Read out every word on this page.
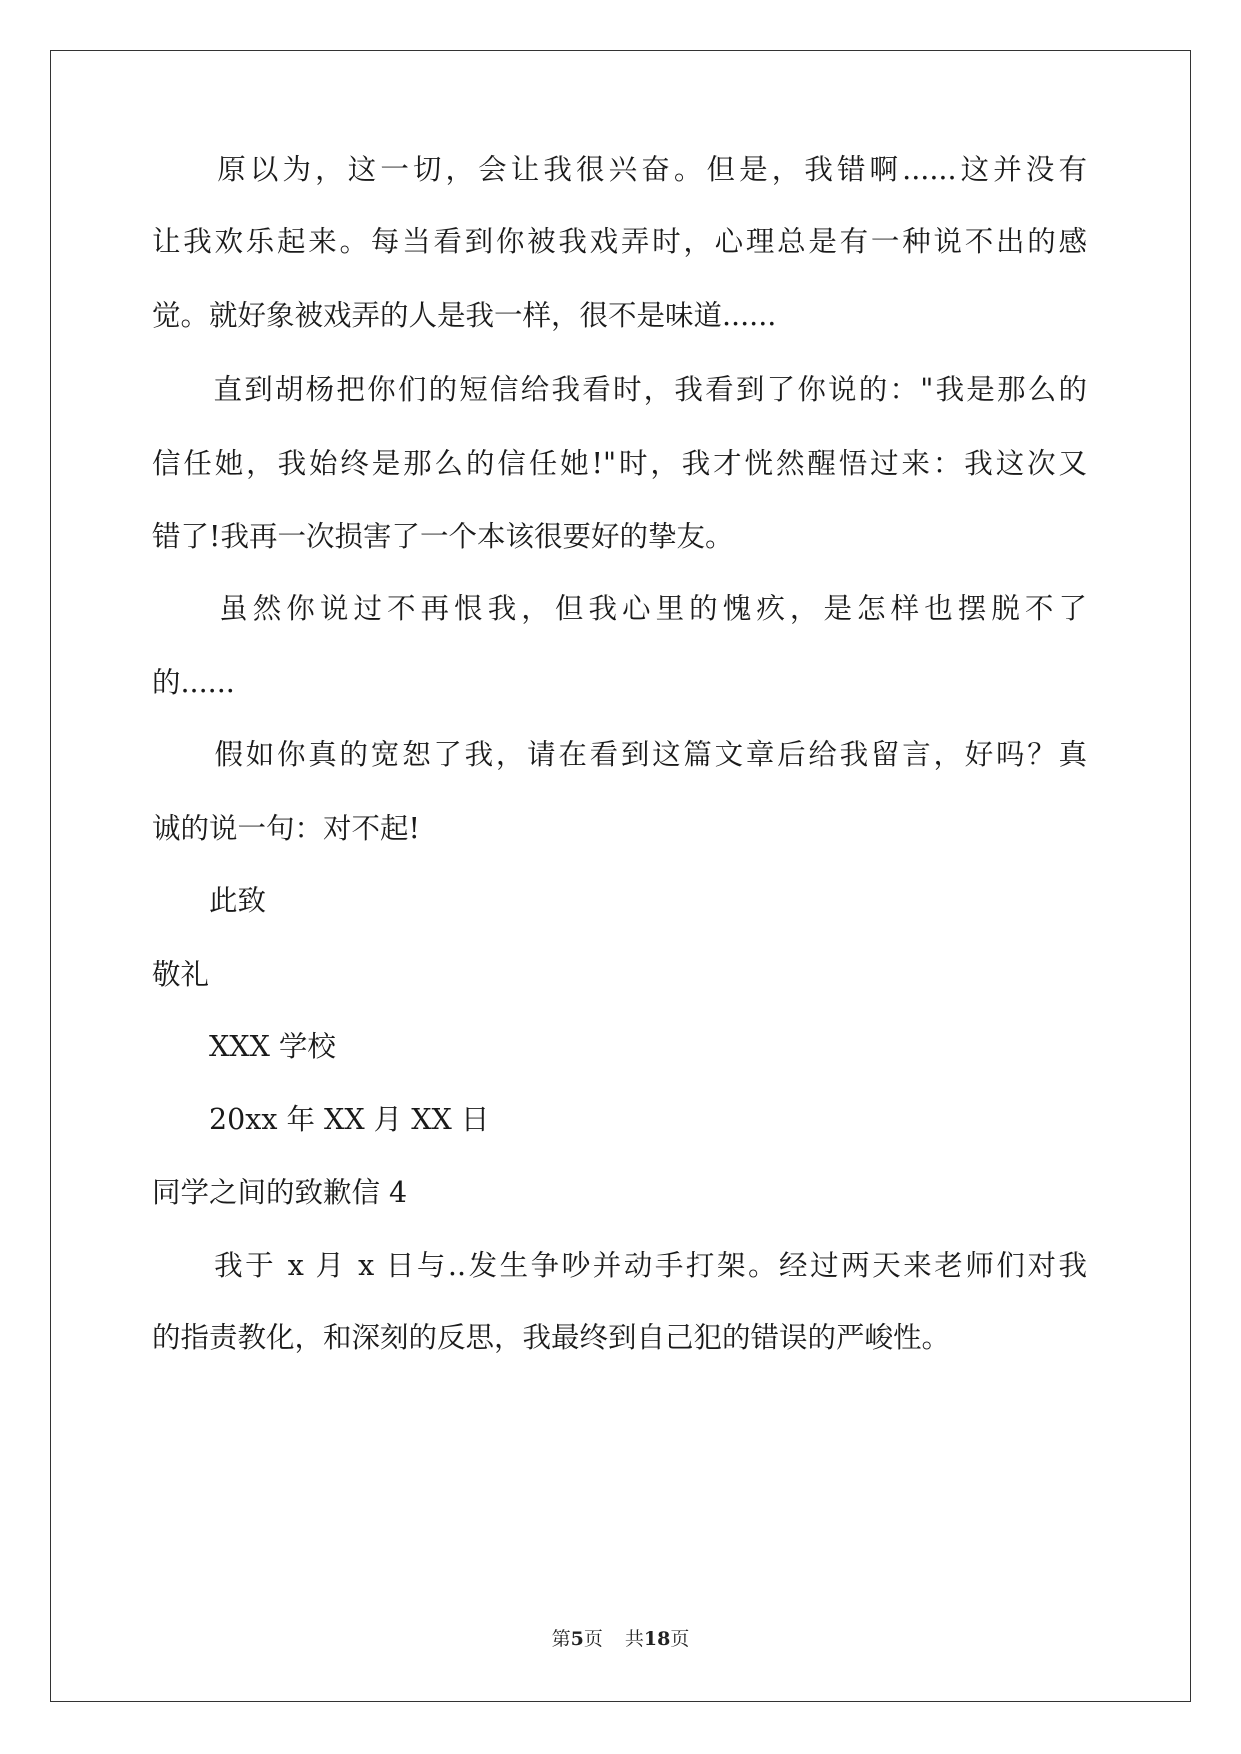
　　原以为，这一切，会让我很兴奋。但是，我错啊......这并没有
让我欢乐起来。每当看到你被我戏弄时，心理总是有一种说不出的感
觉。就好象被戏弄的人是我一样，很不是味道......
　　直到胡杨把你们的短信给我看时，我看到了你说的："我是那么的
信任她，我始终是那么的信任她!"时，我才恍然醒悟过来：我这次又
错了!我再一次损害了一个本该很要好的挚友。
　　虽然你说过不再恨我，但我心里的愧疚，是怎样也摆脱不了
的......
　　假如你真的宽恕了我，请在看到这篇文章后给我留言，好吗？真
诚的说一句：对不起!
　　此致
敬礼
　　XXX 学校
　　20xx 年 XX 月 XX 日
同学之间的致歉信 4
　　我于 x 月 x 日与..发生争吵并动手打架。经过两天来老师们对我
的指责教化，和深刻的反思，我最终到自己犯的错误的严峻性。
第5页 共18页
